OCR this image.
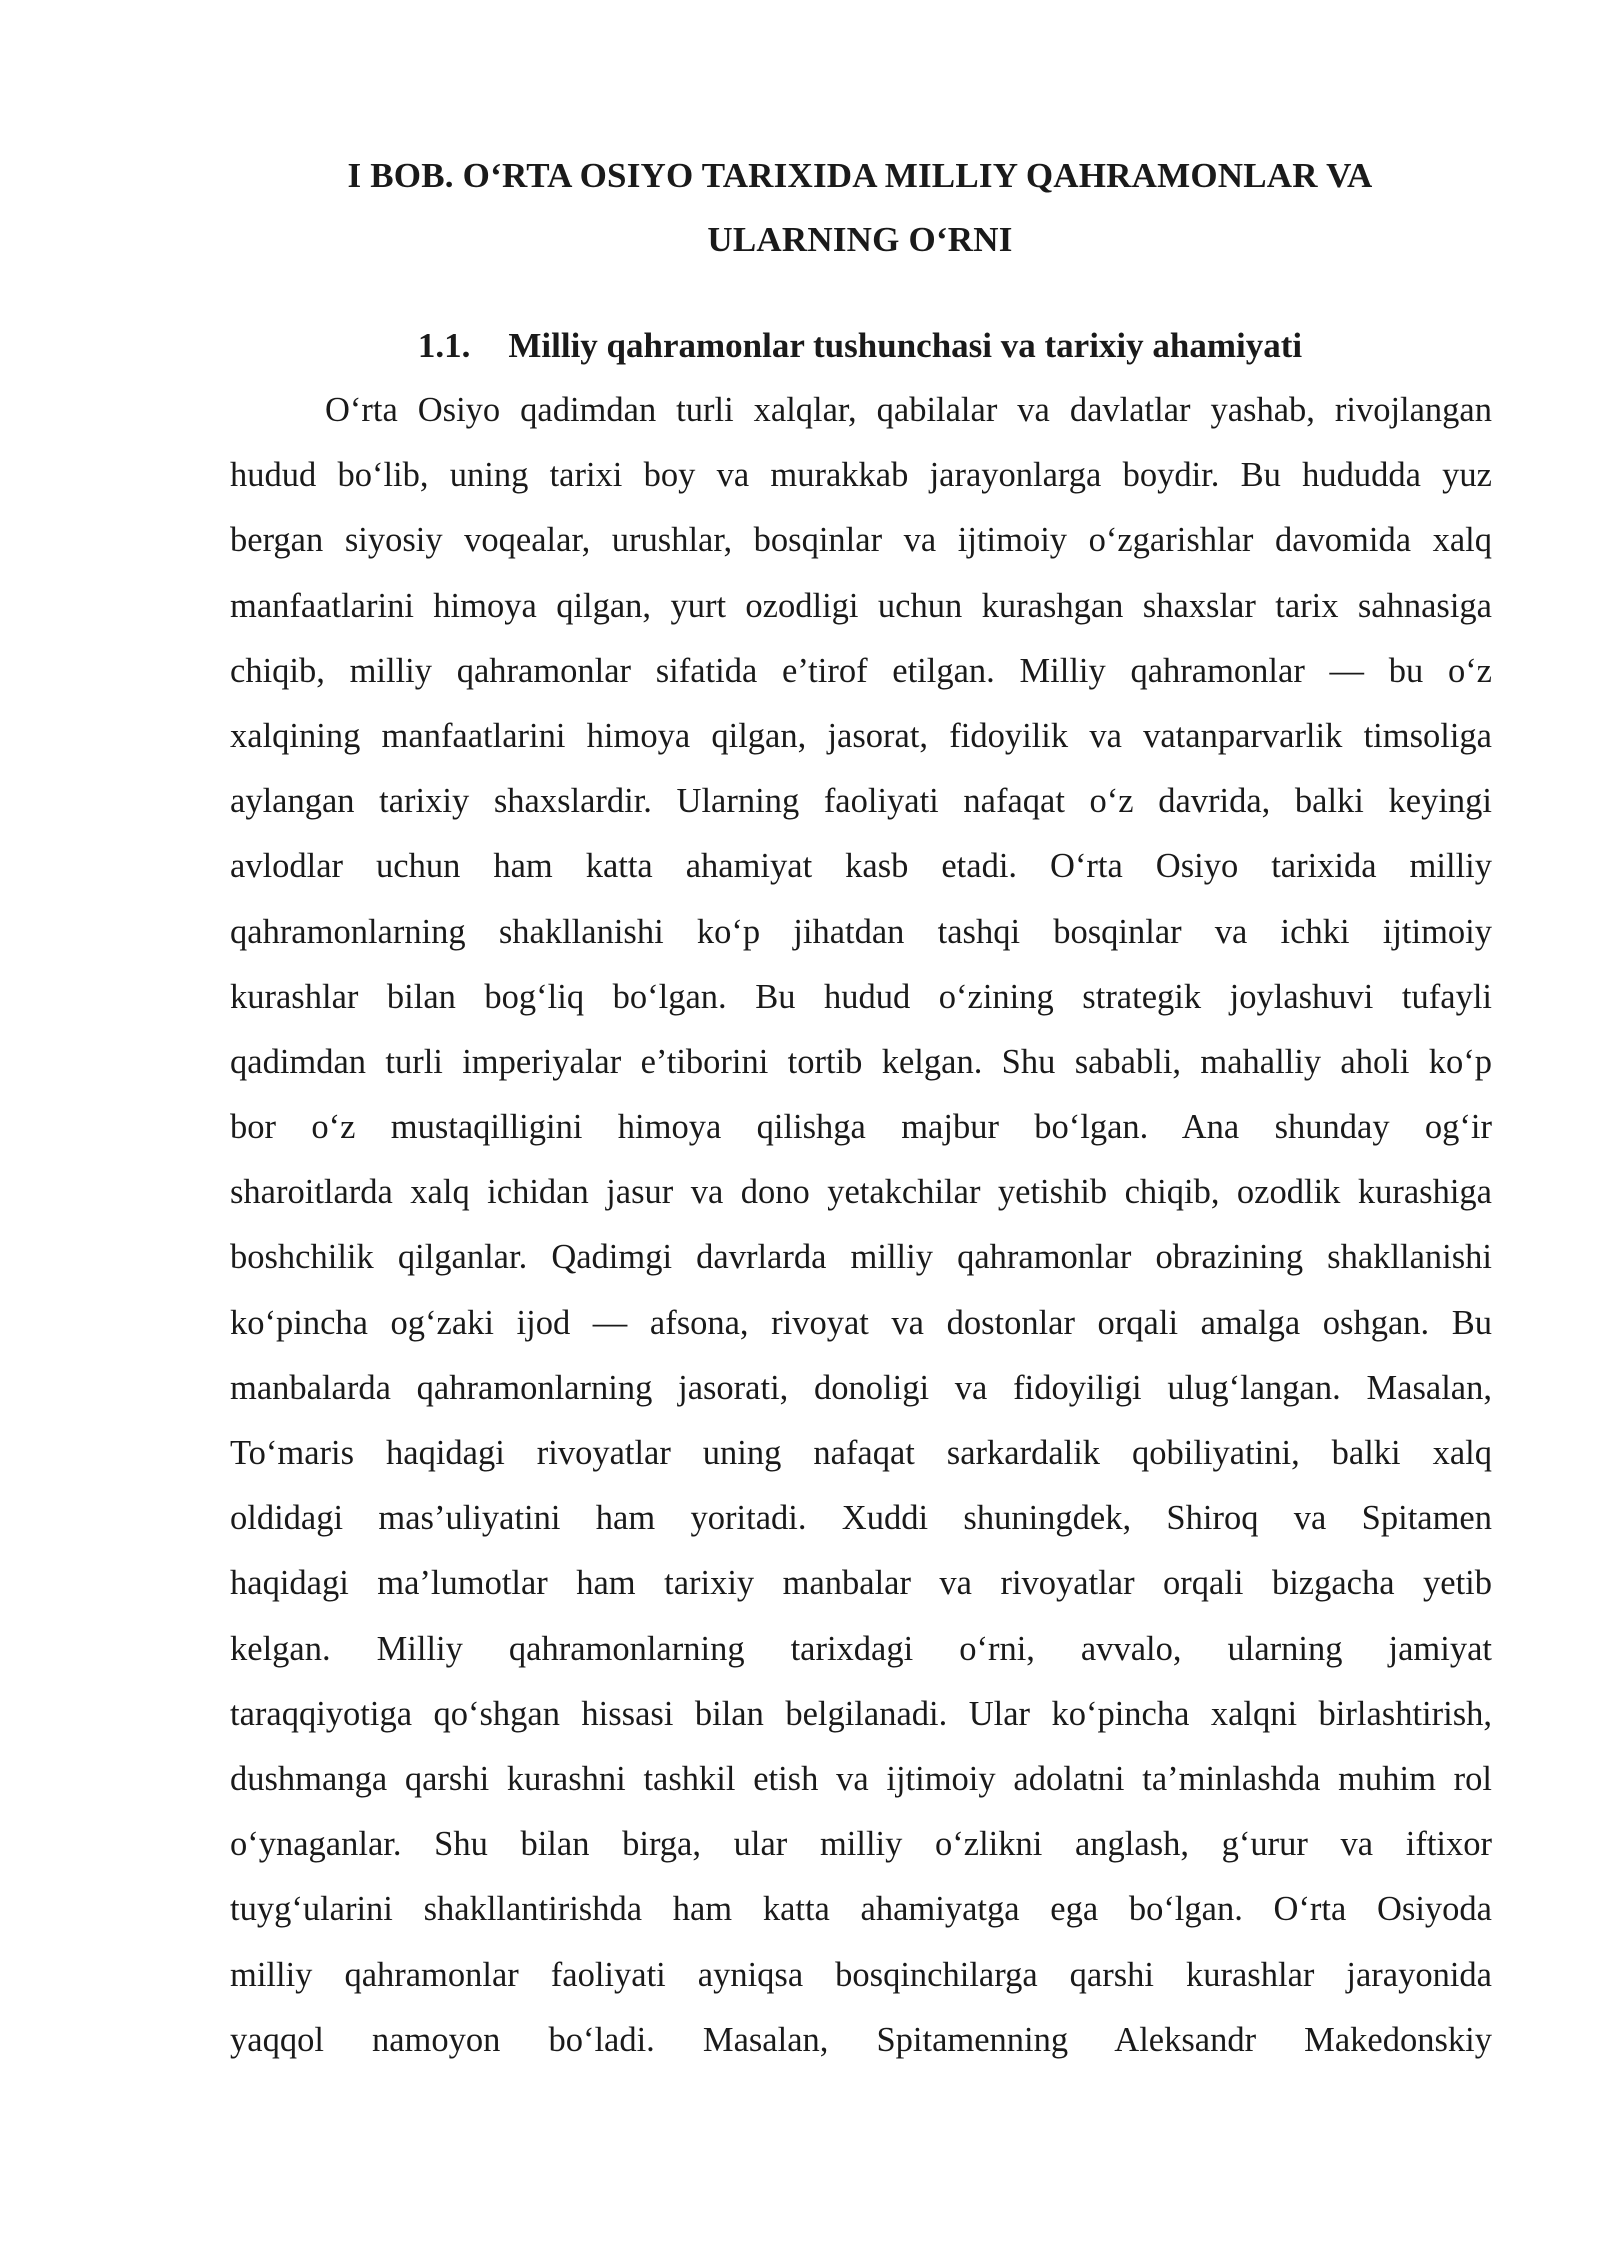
I BOB. O‘RTA OSIYO TARIXIDA MILLIY QAHRAMONLAR VA
ULARNING O‘RNI
1.1. Milliy qahramonlar tushunchasi va tarixiy ahamiyati
O‘rta Osiyo qadimdan turli xalqlar, qabilalar va davlatlar yashab, rivojlangan
hudud bo‘lib, uning tarixi boy va murakkab jarayonlarga boydir. Bu hududda yuz
bergan siyosiy voqealar, urushlar, bosqinlar va ijtimoiy o‘zgarishlar davomida xalq
manfaatlarini himoya qilgan, yurt ozodligi uchun kurashgan shaxslar tarix sahnasiga
chiqib, milliy qahramonlar sifatida e’tirof etilgan. Milliy qahramonlar — bu o‘z
xalqining manfaatlarini himoya qilgan, jasorat, fidoyilik va vatanparvarlik timsoliga
aylangan tarixiy shaxslardir. Ularning faoliyati nafaqat o‘z davrida, balki keyingi
avlodlar uchun ham katta ahamiyat kasb etadi. O‘rta Osiyo tarixida milliy
qahramonlarning shakllanishi ko‘p jihatdan tashqi bosqinlar va ichki ijtimoiy
kurashlar bilan bog‘liq bo‘lgan. Bu hudud o‘zining strategik joylashuvi tufayli
qadimdan turli imperiyalar e’tiborini tortib kelgan. Shu sababli, mahalliy aholi ko‘p
bor o‘z mustaqilligini himoya qilishga majbur bo‘lgan. Ana shunday og‘ir
sharoitlarda xalq ichidan jasur va dono yetakchilar yetishib chiqib, ozodlik kurashiga
boshchilik qilganlar. Qadimgi davrlarda milliy qahramonlar obrazining shakllanishi
ko‘pincha og‘zaki ijod — afsona, rivoyat va dostonlar orqali amalga oshgan. Bu
manbalarda qahramonlarning jasorati, donoligi va fidoyiligi ulug‘langan. Masalan,
To‘maris haqidagi rivoyatlar uning nafaqat sarkardalik qobiliyatini, balki xalq
oldidagi mas’uliyatini ham yoritadi. Xuddi shuningdek, Shiroq va Spitamen
haqidagi ma’lumotlar ham tarixiy manbalar va rivoyatlar orqali bizgacha yetib
kelgan. Milliy qahramonlarning tarixdagi o‘rni, avvalo, ularning jamiyat
taraqqiyotiga qo‘shgan hissasi bilan belgilanadi. Ular ko‘pincha xalqni birlashtirish,
dushmanga qarshi kurashni tashkil etish va ijtimoiy adolatni ta’minlashda muhim rol
o‘ynaganlar. Shu bilan birga, ular milliy o‘zlikni anglash, g‘urur va iftixor
tuyg‘ularini shakllantirishda ham katta ahamiyatga ega bo‘lgan. O‘rta Osiyoda
milliy qahramonlar faoliyati ayniqsa bosqinchilarga qarshi kurashlar jarayonida
yaqqol namoyon bo‘ladi. Masalan, Spitamenning Aleksandr Makedonskiy
